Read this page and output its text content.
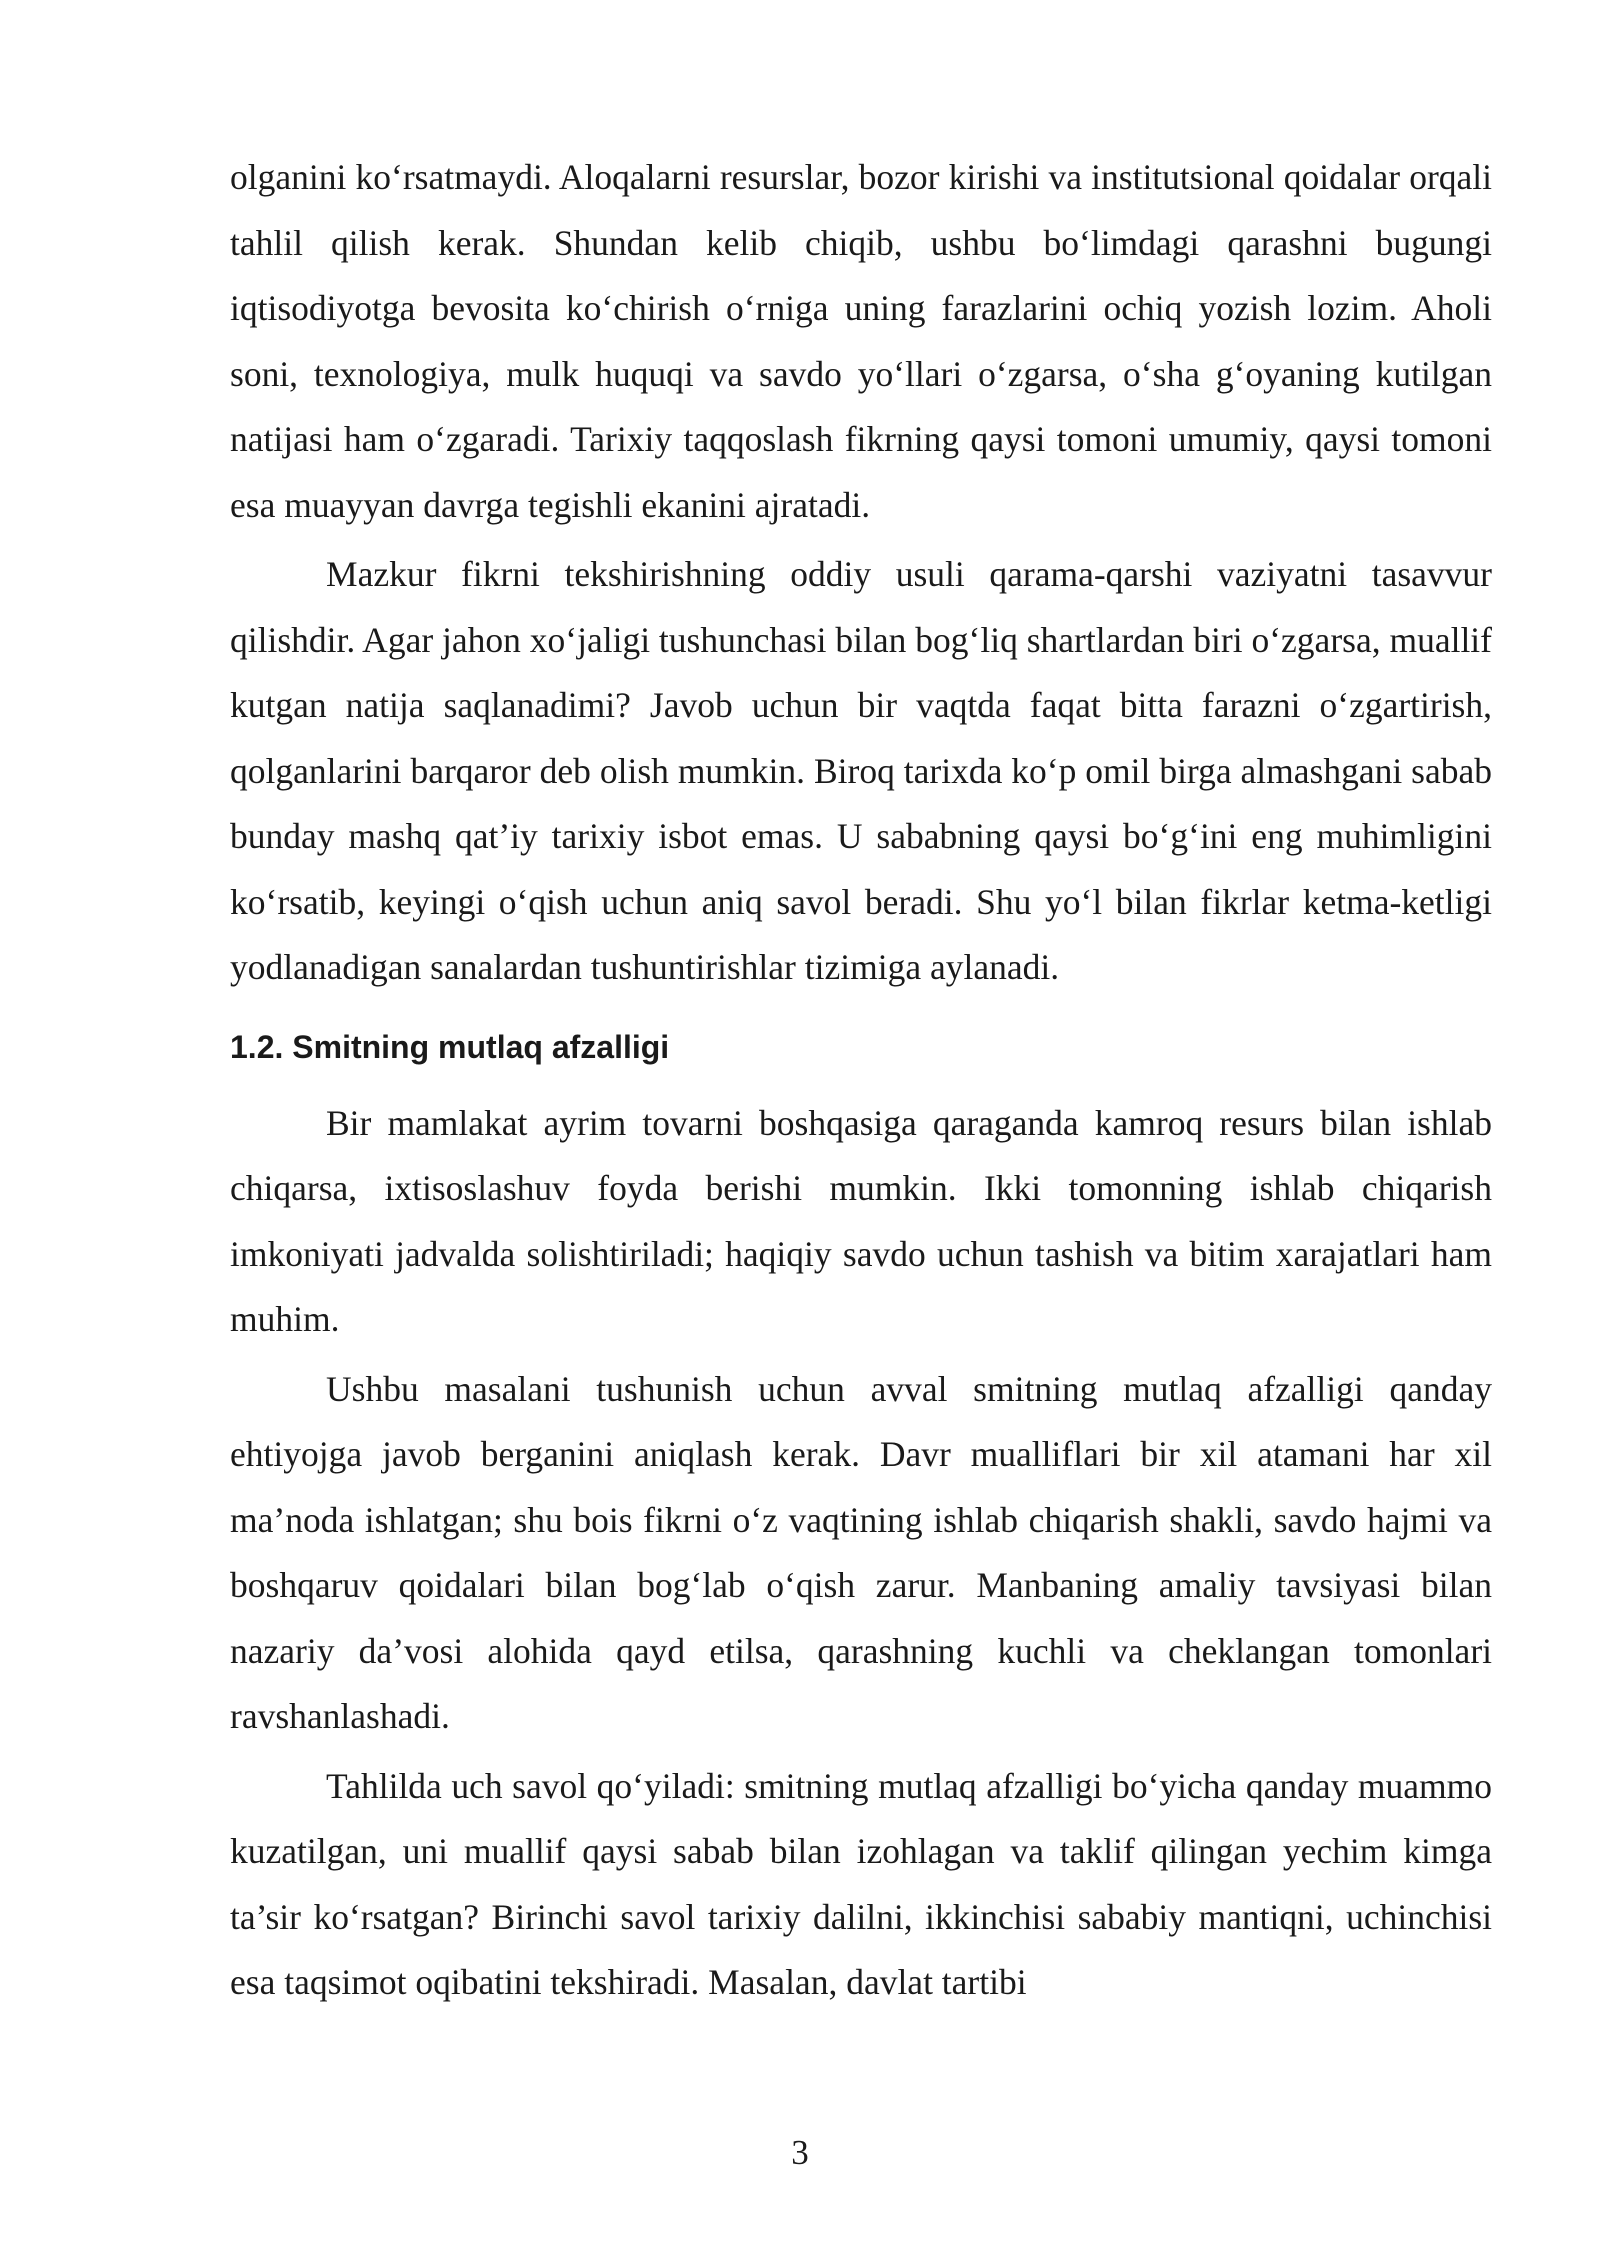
olganini ko‘rsatmaydi. Aloqalarni resurslar, bozor kirishi va institutsional qoidalar orqali tahlil qilish kerak. Shundan kelib chiqib, ushbu bo‘limdagi qarashni bugungi iqtisodiyotga bevosita ko‘chirish o‘rniga uning farazlarini ochiq yozish lozim. Aholi soni, texnologiya, mulk huquqi va savdo yo‘llari o‘zgarsa, o‘sha g‘oyaning kutilgan natijasi ham o‘zgaradi. Tarixiy taqqoslash fikrning qaysi tomoni umumiy, qaysi tomoni esa muayyan davrga tegishli ekanini ajratadi.

Mazkur fikrni tekshirishning oddiy usuli qarama-qarshi vaziyatni tasavvur qilishdir. Agar jahon xo‘jaligi tushunchasi bilan bog‘liq shartlardan biri o‘zgarsa, muallif kutgan natija saqlanadimi? Javob uchun bir vaqtda faqat bitta farazni o‘zgartirish, qolganlarini barqaror deb olish mumkin. Biroq tarixda ko‘p omil birga almashgani sabab bunday mashq qat’iy tarixiy isbot emas. U sababning qaysi bo‘g‘ini eng muhimligini ko‘rsatib, keyingi o‘qish uchun aniq savol beradi. Shu yo‘l bilan fikrlar ketma-ketligi yodlanadigan sanalardan tushuntirishlar tizimiga aylanadi.

1.2. Smitning mutlaq afzalligi

Bir mamlakat ayrim tovarni boshqasiga qaraganda kamroq resurs bilan ishlab chiqarsa, ixtisoslashuv foyda berishi mumkin. Ikki tomonning ishlab chiqarish imkoniyati jadvalda solishtiriladi; haqiqiy savdo uchun tashish va bitim xarajatlari ham muhim.

Ushbu masalani tushunish uchun avval smitning mutlaq afzalligi qanday ehtiyojga javob berganini aniqlash kerak. Davr mualliflari bir xil atamani har xil ma’noda ishlatgan; shu bois fikrni o‘z vaqtining ishlab chiqarish shakli, savdo hajmi va boshqaruv qoidalari bilan bog‘lab o‘qish zarur. Manbaning amaliy tavsiyasi bilan nazariy da’vosi alohida qayd etilsa, qarashning kuchli va cheklangan tomonlari ravshanlashadi.

Tahlilda uch savol qo‘yiladi: smitning mutlaq afzalligi bo‘yicha qanday muammo kuzatilgan, uni muallif qaysi sabab bilan izohlagan va taklif qilingan yechim kimga ta’sir ko‘rsatgan? Birinchi savol tarixiy dalilni, ikkinchisi sababiy mantiqni, uchinchisi esa taqsimot oqibatini tekshiradi. Masalan, davlat tartibi

3
